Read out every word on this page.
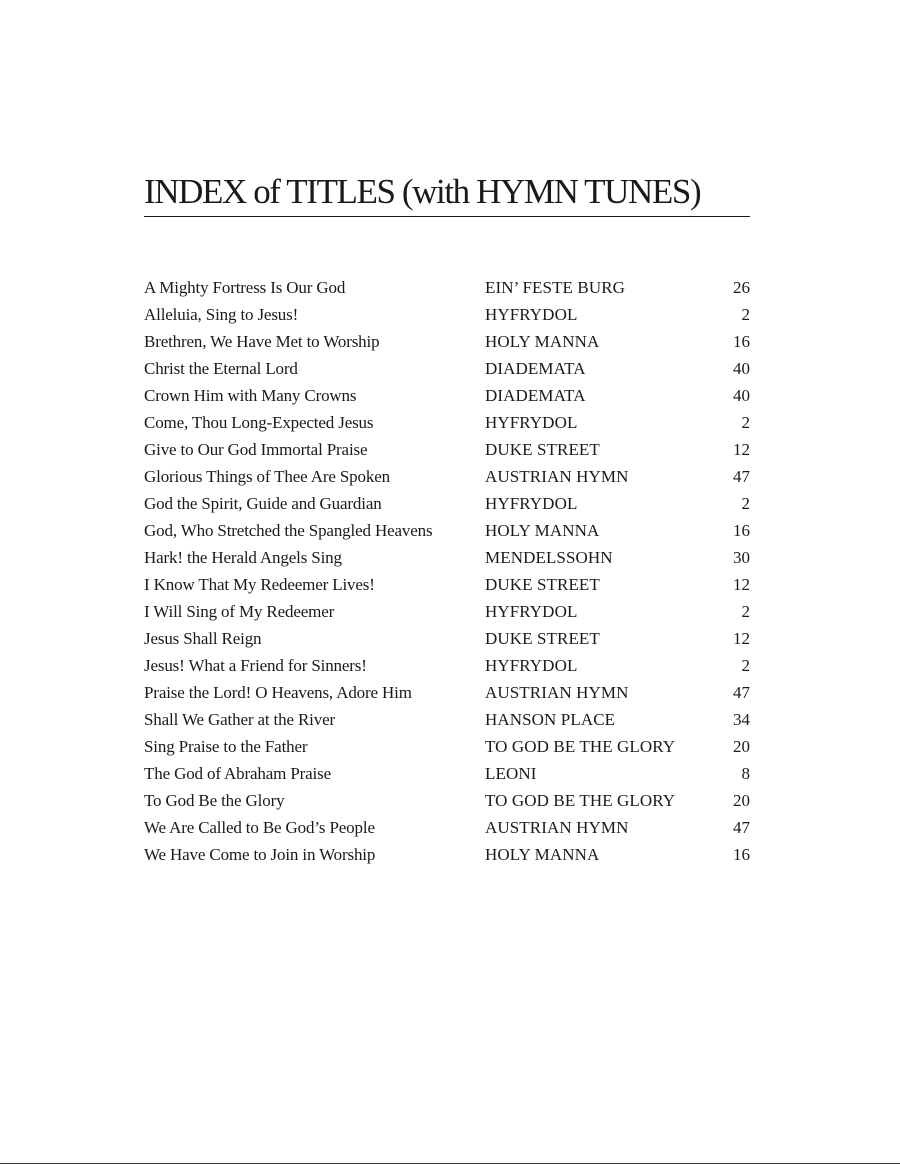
INDEX of TITLES (with HYMN TUNES)
A Mighty Fortress Is Our God	EIN’ FESTE BURG	26
Alleluia, Sing to Jesus!	HYFRYDOL	2
Brethren, We Have Met to Worship	HOLY MANNA	16
Christ the Eternal Lord	DIADEMATA	40
Crown Him with Many Crowns	DIADEMATA	40
Come, Thou Long-Expected Jesus	HYFRYDOL	2
Give to Our God Immortal Praise	DUKE STREET	12
Glorious Things of Thee Are Spoken	AUSTRIAN HYMN	47
God the Spirit, Guide and Guardian	HYFRYDOL	2
God, Who Stretched the Spangled Heavens	HOLY MANNA	16
Hark! the Herald Angels Sing	MENDELSSOHN	30
I Know That My Redeemer Lives!	DUKE STREET	12
I Will Sing of My Redeemer	HYFRYDOL	2
Jesus Shall Reign	DUKE STREET	12
Jesus! What a Friend for Sinners!	HYFRYDOL	2
Praise the Lord! O Heavens, Adore Him	AUSTRIAN HYMN	47
Shall We Gather at the River	HANSON PLACE	34
Sing Praise to the Father	TO GOD BE THE GLORY	20
The God of Abraham Praise	LEONI	8
To God Be the Glory	TO GOD BE THE GLORY	20
We Are Called to Be God’s People	AUSTRIAN HYMN	47
We Have Come to Join in Worship	HOLY MANNA	16
